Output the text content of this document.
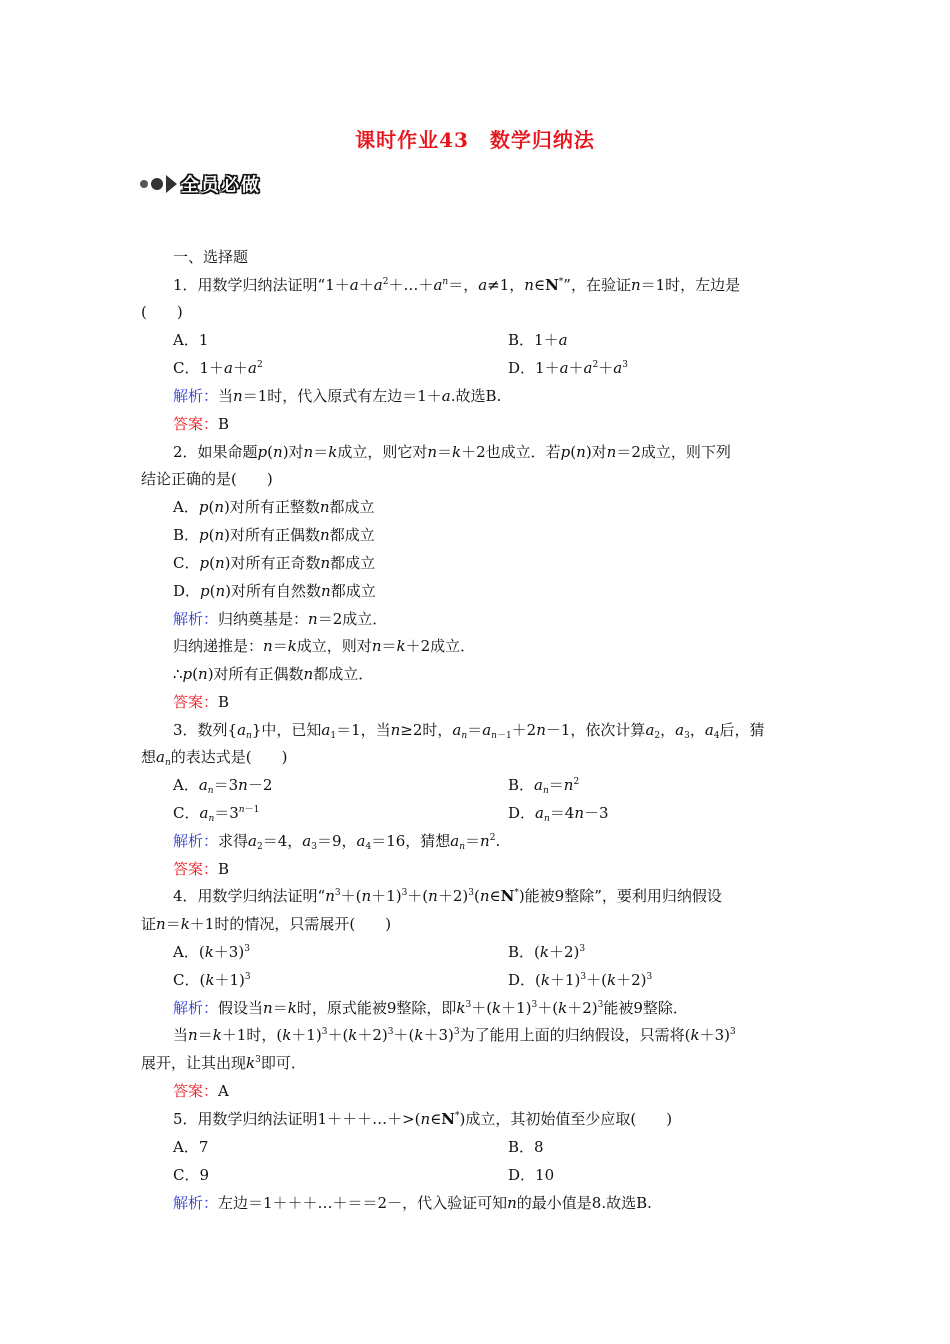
课时作业43　数学归纳法
全员必做
一、选择题
1．用数学归纳法证明“$1+a+a^2+\dots+a^n=$，a≠1，n∈N*”，在验证n＝1时，左边是
(　　)
A．1	B．1＋a
C．$1+a+a^2$	D．$1+a+a^2+a^3$
解析：当n＝1时，代入原式有左边＝1＋a.故选B.
答案：B
2．如果命题p(n)对n＝k成立，则它对n＝k＋2也成立．若p(n)对n＝2成立，则下列
结论正确的是(　　)
A．p(n)对所有正整数n都成立
B．p(n)对所有正偶数n都成立
C．p(n)对所有正奇数n都成立
D．p(n)对所有自然数n都成立
解析：归纳奠基是：n＝2成立．
归纳递推是：n＝k成立，则对n＝k＋2成立．
∴p(n)对所有正偶数n都成立．
答案：B
3．数列$\{a_n\}$中，已知$a_1=1$，当n≥2时，$a_n=a_{n-1}+2n-1$，依次计算$a_2$，$a_3$，$a_4$后，猜
想$a_n$的表达式是(　　)
A．$a_n=3n-2$	B．$a_n=n^2$
C．$a_n=3^{n-1}$	D．$a_n=4n-3$
解析：求得$a_2=4$，$a_3=9$，$a_4=16$，猜想$a_n=n^2$.
答案：B
4．用数学归纳法证明“$n^3+(n+1)^3+(n+2)^3(n\in N^*)$能被9整除”，要利用归纳假设
证n＝k＋1时的情况，只需展开(　　)
A．$(k+3)^3$	B．$(k+2)^3$
C．$(k+1)^3$	D．$(k+1)^3+(k+2)^3$
解析：假设当n＝k时，原式能被9整除，即$k^3+(k+1)^3+(k+2)^3$能被9整除．
当n＝k＋1时，$(k+1)^3+(k+2)^3+(k+3)^3$为了能用上面的归纳假设，只需将$(k+3)^3$
展开，让其出现$k^3$即可．
答案：A
5．用数学归纳法证明1＋＋＋…＋>(n∈N*)成立，其初始值至少应取(　　)
A．7	B．8
C．9	D．10
解析：左边＝1＋＋＋…＋＝＝2－，代入验证可知n的最小值是8.故选B.
